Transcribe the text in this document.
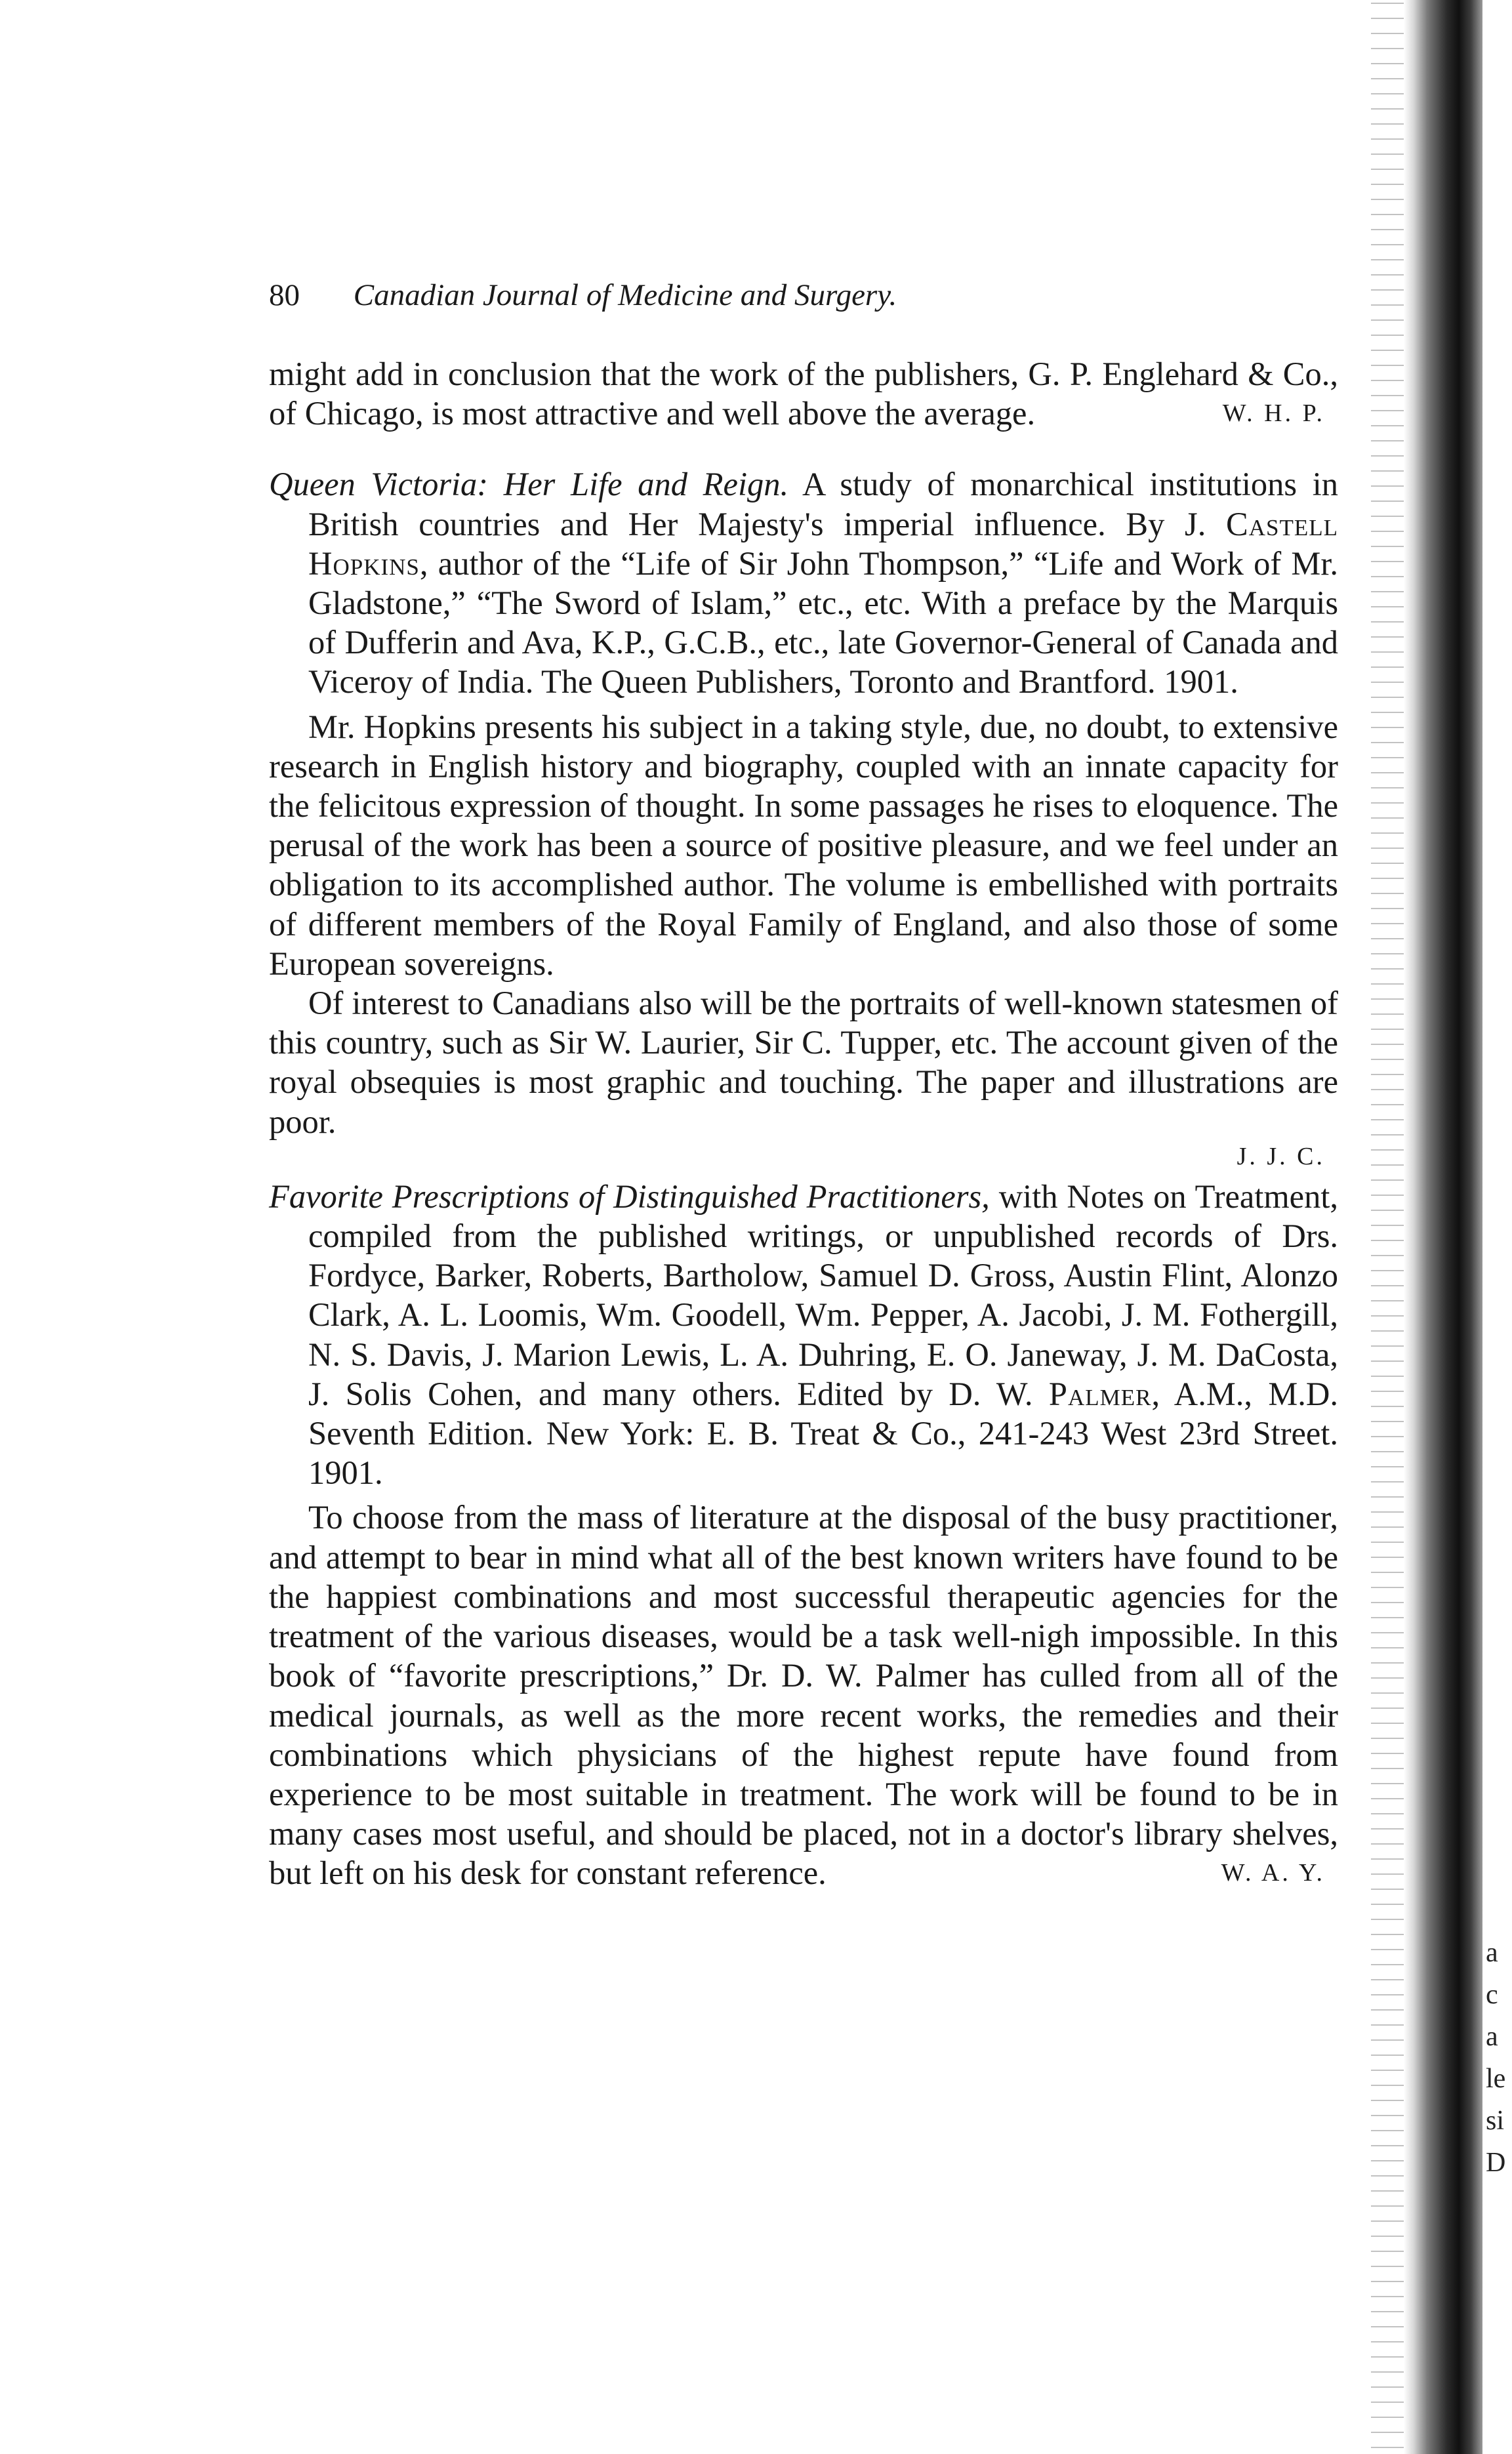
80 Canadian Journal of Medicine and Surgery.

might add in conclusion that the work of the publishers, G. P. Englehard & Co., of Chicago, is most attractive and well above the average.	W. H. P.

Queen Victoria: Her Life and Reign. A study of monarchical institutions in British countries and Her Majesty's imperial influence. By J. Castell Hopkins, author of the “Life of Sir John Thompson,” “Life and Work of Mr. Gladstone,” “The Sword of Islam,” etc., etc. With a preface by the Marquis of Dufferin and Ava, K.P., G.C.B., etc., late Governor-General of Canada and Viceroy of India. The Queen Publishers, Toronto and Brantford. 1901.

Mr. Hopkins presents his subject in a taking style, due, no doubt, to extensive research in English history and biography, coupled with an innate capacity for the felicitous expression of thought. In some passages he rises to eloquence. The perusal of the work has been a source of positive pleasure, and we feel under an obligation to its accomplished author. The volume is embellished with portraits of different members of the Royal Family of England, and also those of some European sovereigns.

Of interest to Canadians also will be the portraits of well-known statesmen of this country, such as Sir W. Laurier, Sir C. Tupper, etc. The account given of the royal obsequies is most graphic and touching. The paper and illustrations are poor.

J. J. C.

Favorite Prescriptions of Distinguished Practitioners, with Notes on Treatment, compiled from the published writings, or unpublished records of Drs. Fordyce, Barker, Roberts, Bartholow, Samuel D. Gross, Austin Flint, Alonzo Clark, A. L. Loomis, Wm. Goodell, Wm. Pepper, A. Jacobi, J. M. Fothergill, N. S. Davis, J. Marion Lewis, L. A. Duhring, E. O. Janeway, J. M. DaCosta, J. Solis Cohen, and many others. Edited by D. W. Palmer, A.M., M.D. Seventh Edition. New York: E. B. Treat & Co., 241-243 West 23rd Street. 1901.

To choose from the mass of literature at the disposal of the busy practitioner, and attempt to bear in mind what all of the best known writers have found to be the happiest combinations and most successful therapeutic agencies for the treatment of the various diseases, would be a task well-nigh impossible. In this book of “favorite prescriptions,” Dr. D. W. Palmer has culled from all of the medical journals, as well as the more recent works, the remedies and their combinations which physicians of the highest repute have found from experience to be most suitable in treatment. The work will be found to be in many cases most useful, and should be placed, not in a doctor's library shelves, but left on his desk for constant reference.	W. A. Y.

a
c
a
le
si
D
